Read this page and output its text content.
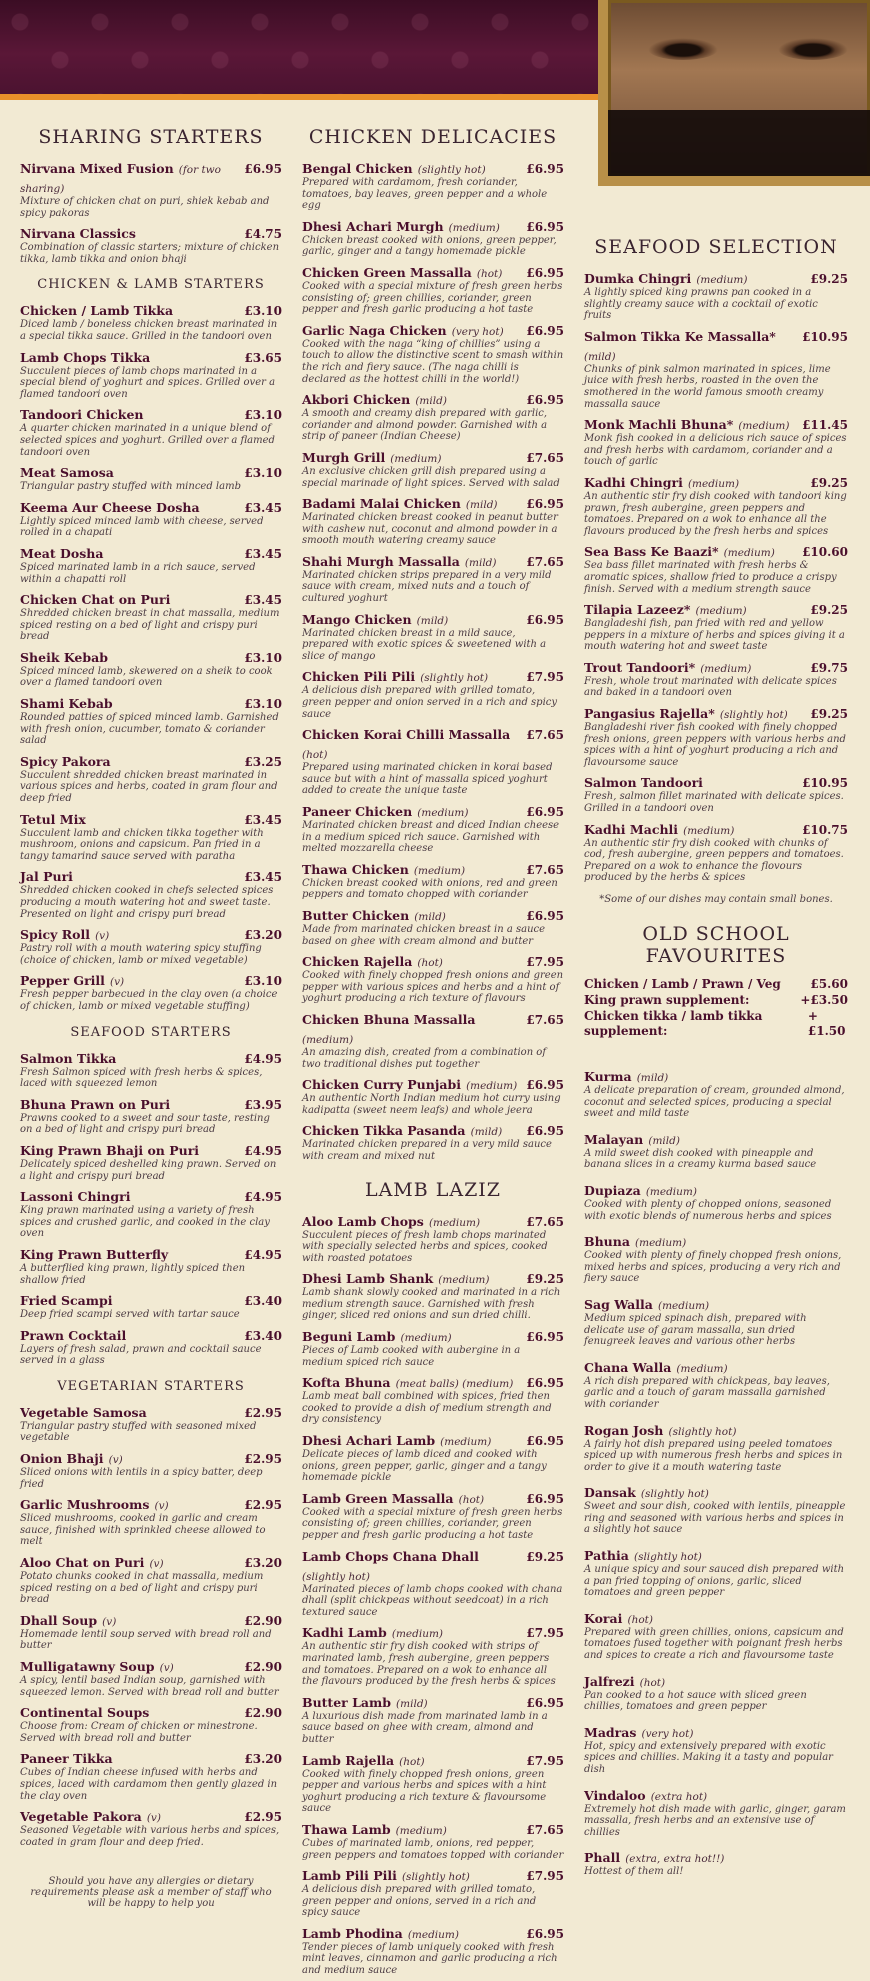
SHARING STARTERS
Nirvana Mixed Fusion (for two sharing)
£6.95
Mixture of chicken chat on puri, shiek kebab and spicy pakoras
Nirvana Classics	£4.75
Combination of classic starters; mixture of chicken tikka, lamb tikka and onion bhaji
CHICKEN & LAMB STARTERS
Chicken / Lamb Tikka	£3.10
Diced lamb / boneless chicken breast marinated in a special tikka sauce. Grilled in the tandoori oven
Lamb Chops Tikka	£3.65
Succulent pieces of lamb chops marinated in a special blend of yoghurt and spices. Grilled over a flamed tandoori oven
Tandoori Chicken	£3.10
A quarter chicken marinated in a unique blend of selected spices and yoghurt. Grilled over a flamed tandoori oven
Meat Samosa	£3.10
Triangular pastry stuffed with minced lamb
Keema Aur Cheese Dosha	£3.45
Lightly spiced minced lamb with cheese, served rolled in a chapati
Meat Dosha	£3.45
Spiced marinated lamb in a rich sauce, served within a chapatti roll
Chicken Chat on Puri	£3.45
Shredded chicken breast in chat massalla, medium spiced resting on a bed of light and crispy puri bread
Sheik Kebab	£3.10
Spiced minced lamb, skewered on a sheik to cook over a flamed tandoori oven
Shami Kebab	£3.10
Rounded patties of spiced minced lamb. Garnished with fresh onion, cucumber, tomato & coriander salad
Spicy Pakora	£3.25
Succulent shredded chicken breast marinated in various spices and herbs, coated in gram flour and deep fried
Tetul Mix	£3.45
Succulent lamb and chicken tikka together with mushroom, onions and capsicum. Pan fried in a tangy tamarind sauce served with paratha
Jal Puri	£3.45
Shredded chicken cooked in chefs selected spices producing a mouth watering hot and sweet taste. Presented on light and crispy puri bread
Spicy Roll (v)	£3.20
Pastry roll with a mouth watering spicy stuffing (choice of chicken, lamb or mixed vegetable)
Pepper Grill (v)	£3.10
Fresh pepper barbecued in the clay oven (a choice of chicken, lamb or mixed vegetable stuffing)
SEAFOOD STARTERS
Salmon Tikka	£4.95
Fresh Salmon spiced with fresh herbs & spices, laced with squeezed lemon
Bhuna Prawn on Puri	£3.95
Prawns cooked to a sweet and sour taste, resting on a bed of light and crispy puri bread
King Prawn Bhaji on Puri	£4.95
Delicately spiced deshelled king prawn. Served on a light and crispy puri bread
Lassoni Chingri	£4.95
King prawn marinated using a variety of fresh spices and crushed garlic, and cooked in the clay oven
King Prawn Butterfly	£4.95
A butterflied king prawn, lightly spiced then shallow fried
Fried Scampi	£3.40
Deep fried scampi served with tartar sauce
Prawn Cocktail	£3.40
Layers of fresh salad, prawn and cocktail sauce served in a glass
VEGETARIAN STARTERS
Vegetable Samosa	£2.95
Triangular pastry stuffed with seasoned mixed vegetable
Onion Bhaji (v)	£2.95
Sliced onions with lentils in a spicy batter, deep fried
Garlic Mushrooms (v)	£2.95
Sliced mushrooms, cooked in garlic and cream sauce, finished with sprinkled cheese allowed to melt
Aloo Chat on Puri (v)	£3.20
Potato chunks cooked in chat massalla, medium spiced resting on a bed of light and crispy puri bread
Dhall Soup (v)	£2.90
Homemade lentil soup served with bread roll and butter
Mulligatawny Soup (v)	£2.90
A spicy, lentil based Indian soup, garnished with squeezed lemon. Served with bread roll and butter
Continental Soups	£2.90
Choose from: Cream of chicken or minestrone. Served with bread roll and butter
Paneer Tikka	£3.20
Cubes of Indian cheese infused with herbs and spices, laced with cardamom then gently glazed in the clay oven
Vegetable Pakora (v)	£2.95
Seasoned Vegetable with various herbs and spices, coated in gram flour and deep fried.

Should you have any allergies or dietary requirements please ask a member of staff who will be happy to help you

CHICKEN DELICACIES
Bengal Chicken (slightly hot)	£6.95
Prepared with cardamom, fresh coriander, tomatoes, bay leaves, green pepper and a whole egg
Dhesi Achari Murgh (medium) £6.95
Chicken breast cooked with onions, green pepper, garlic, ginger and a tangy homemade pickle
Chicken Green Massalla (hot) £6.95
Cooked with a special mixture of fresh green herbs consisting of; green chillies, coriander, green pepper and fresh garlic producing a hot taste
Garlic Naga Chicken (very hot) £6.95
Cooked with the naga “king of chillies” using a touch to allow the distinctive scent to smash within the rich and fiery sauce. (The naga chilli is declared as the hottest chilli in the world!)
Akbori Chicken (mild)	£6.95
A smooth and creamy dish prepared with garlic, coriander and almond powder. Garnished with a strip of paneer (Indian Cheese)
Murgh Grill (medium)	£7.65
An exclusive chicken grill dish prepared using a special marinade of light spices. Served with salad
Badami Malai Chicken (mild) £6.95
Marinated chicken breast cooked in peanut butter with cashew nut, coconut and almond powder in a smooth mouth watering creamy sauce
Shahi Murgh Massalla (mild) £7.65
Marinated chicken strips prepared in a very mild sauce with cream, mixed nuts and a touch of cultured yoghurt
Mango Chicken (mild)	£6.95
Marinated chicken breast in a mild sauce, prepared with exotic spices & sweetened with a slice of mango
Chicken Pili Pili (slightly hot)	£7.95
A delicious dish prepared with grilled tomato, green pepper and onion served in a rich and spicy sauce
Chicken Korai Chilli Massalla (hot)
£7.65
Prepared using marinated chicken in korai based sauce but with a hint of massalla spiced yoghurt added to create the unique taste
Paneer Chicken (medium)	£6.95
Marinated chicken breast and diced Indian cheese in a medium spiced rich sauce. Garnished with melted mozzarella cheese
Thawa Chicken (medium)	£7.65
Chicken breast cooked with onions, red and green peppers and tomato chopped with coriander
Butter Chicken (mild)	£6.95
Made from marinated chicken breast in a sauce based on ghee with cream almond and butter
Chicken Rajella (hot)	£7.95
Cooked with finely chopped fresh onions and green pepper with various spices and herbs and a hint of yoghurt producing a rich texture of flavours
Chicken Bhuna Massalla (medium)
£7.65
An amazing dish, created from a combination of two traditional dishes put together
Chicken Curry Punjabi (medium) £6.95
An authentic North Indian medium hot curry using kadipatta (sweet neem leafs) and whole jeera
Chicken Tikka Pasanda (mild) £6.95
Marinated chicken prepared in a very mild sauce with cream and mixed nut
LAMB LAZIZ
Aloo Lamb Chops (medium)	£7.65
Succulent pieces of fresh lamb chops marinated with specially selected herbs and spices, cooked with roasted potatoes
Dhesi Lamb Shank (medium)	£9.25
Lamb shank slowly cooked and marinated in a rich medium strength sauce. Garnished with fresh ginger, sliced red onions and sun dried chilli.
Beguni Lamb (medium)	£6.95
Pieces of Lamb cooked with aubergine in a medium spiced rich sauce
Kofta Bhuna (meat balls) (medium) £6.95
Lamb meat ball combined with spices, fried then cooked to provide a dish of medium strength and dry consistency
Dhesi Achari Lamb (medium)	£6.95
Delicate pieces of lamb diced and cooked with onions, green pepper, garlic, ginger and a tangy homemade pickle
Lamb Green Massalla (hot)	£6.95
Cooked with a special mixture of fresh green herbs consisting of; green chillies, coriander, green pepper and fresh garlic producing a hot taste
Lamb Chops Chana Dhall (slightly hot)
£9.25
Marinated pieces of lamb chops cooked with chana dhall (split chickpeas without seedcoat) in a rich textured sauce
Kadhi Lamb (medium)	£7.95
An authentic stir fry dish cooked with strips of marinated lamb, fresh aubergine, green peppers and tomatoes. Prepared on a wok to enhance all the flavours produced by the fresh herbs & spices
Butter Lamb (mild)	£6.95
A luxurious dish made from marinated lamb in a sauce based on ghee with cream, almond and butter
Lamb Rajella (hot)	£7.95
Cooked with finely chopped fresh onions, green pepper and various herbs and spices with a hint yoghurt producing a rich texture & flavoursome sauce
Thawa Lamb (medium)	£7.65
Cubes of marinated lamb, onions, red pepper, green peppers and tomatoes topped with coriander
Lamb Pili Pili (slightly hot)	£7.95
A delicious dish prepared with grilled tomato, green pepper and onions, served in a rich and spicy sauce
Lamb Phodina (medium)	£6.95
Tender pieces of lamb uniquely cooked with fresh mint leaves, cinnamon and garlic producing a rich and medium sauce
SEAFOOD SELECTION
Dumka Chingri (medium)	£9.25
A lightly spiced king prawns pan cooked in a slightly creamy sauce with a cocktail of exotic fruits
Salmon Tikka Ke Massalla* (mild)
£10.95
Chunks of pink salmon marinated in spices, lime juice with fresh herbs, roasted in the oven the smothered in the world famous smooth creamy massalla sauce
Monk Machli Bhuna* (medium) £11.45
Monk fish cooked in a delicious rich sauce of spices and fresh herbs with cardamom, coriander and a touch of garlic
Kadhi Chingri (medium)	£9.25
An authentic stir fry dish cooked with tandoori king prawn, fresh aubergine, green peppers and tomatoes. Prepared on a wok to enhance all the flavours produced by the fresh herbs and spices
Sea Bass Ke Baazi* (medium) £10.60
Sea bass fillet marinated with fresh herbs & aromatic spices, shallow fried to produce a crispy finish. Served with a medium strength sauce
Tilapia Lazeez* (medium)	£9.25
Bangladeshi fish, pan fried with red and yellow peppers in a mixture of herbs and spices giving it a mouth watering hot and sweet taste
Trout Tandoori* (medium)	£9.75
Fresh, whole trout marinated with delicate spices and baked in a tandoori oven
Pangasius Rajella* (slightly hot) £9.25
Bangladeshi river fish cooked with finely chopped fresh onions, green peppers with various herbs and spices with a hint of yoghurt producing a rich and flavoursome sauce
Salmon Tandoori	£10.95
Fresh, salmon fillet marinated with delicate spices. Grilled in a tandoori oven
Kadhi Machli (medium)	£10.75
An authentic stir fry dish cooked with chunks of cod, fresh aubergine, green peppers and tomatoes. Prepared on a wok to enhance the flovours produced by the herbs & spices

*Some of our dishes may contain small bones.

OLD SCHOOL FAVOURITES
Chicken / Lamb / Prawn / Veg £5.60
King prawn supplement:	+£3.50
Chicken tikka / lamb tikka supplement:
+£1.50
Kurma (mild)
A delicate preparation of cream, grounded almond, coconut and selected spices, producing a special sweet and mild taste
Malayan (mild)
A mild sweet dish cooked with pineapple and banana slices in a creamy kurma based sauce
Dupiaza (medium)
Cooked with plenty of chopped onions, seasoned with exotic blends of numerous herbs and spices
Bhuna (medium)
Cooked with plenty of finely chopped fresh onions, mixed herbs and spices, producing a very rich and fiery sauce
Sag Walla (medium)
Medium spiced spinach dish, prepared with delicate use of garam massalla, sun dried fenugreek leaves and various other herbs
Chana Walla (medium)
A rich dish prepared with chickpeas, bay leaves, garlic and a touch of garam massalla garnished with coriander
Rogan Josh (slightly hot)
A fairly hot dish prepared using peeled tomatoes spiced up with numerous fresh herbs and spices in order to give it a mouth watering taste
Dansak (slightly hot)
Sweet and sour dish, cooked with lentils, pineapple ring and seasoned with various herbs and spices in a slightly hot sauce
Pathia (slightly hot)
A unique spicy and sour sauced dish prepared with a pan fried topping of onions, garlic, sliced tomatoes and green pepper
Korai (hot)
Prepared with green chillies, onions, capsicum and tomatoes fused together with poignant fresh herbs and spices to create a rich and flavoursome taste
Jalfrezi (hot)
Pan cooked to a hot sauce with sliced green chillies, tomatoes and green pepper
Madras (very hot)
Hot, spicy and extensively prepared with exotic spices and chillies. Making it a tasty and popular dish
Vindaloo (extra hot)
Extremely hot dish made with garlic, ginger, garam massalla, fresh herbs and an extensive use of chillies
Phall (extra, extra hot!!)
Hottest of them all!
